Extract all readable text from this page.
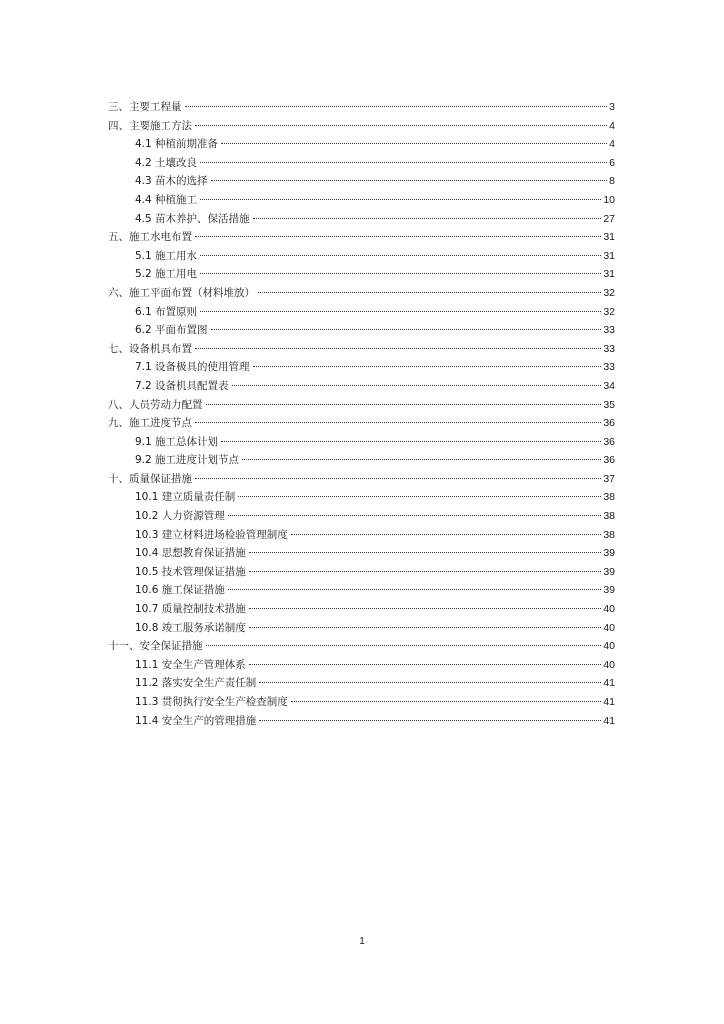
三、主要工程量	3
四、主要施工方法	4
4.1 种植前期准备	4
4.2 土壤改良	6
4.3 苗木的选择	8
4.4 种植施工	10
4.5 苗木养护、保活措施	27
五、施工水电布置	31
5.1 施工用水	31
5.2 施工用电	31
六、施工平面布置（材料堆放）	32
6.1 布置原则	32
6.2 平面布置图	33
七、设备机具布置	33
7.1 设备极具的使用管理	33
7.2 设备机具配置表	34
八、人员劳动力配置	35
九、施工进度节点	36
9.1 施工总体计划	36
9.2 施工进度计划节点	36
十、质量保证措施	37
10.1 建立质量责任制	38
10.2 人力资源管理	38
10.3 建立材料进场检验管理制度	38
10.4 思想教育保证措施	39
10.5 技术管理保证措施	39
10.6 施工保证措施	39
10.7 质量控制技术措施	40
10.8 竣工服务承诺制度	40
十一、安全保证措施	40
11.1 安全生产管理体系	40
11.2 落实安全生产责任制	41
11.3 贯彻执行安全生产检查制度	41
11.4 安全生产的管理措施	41
1
